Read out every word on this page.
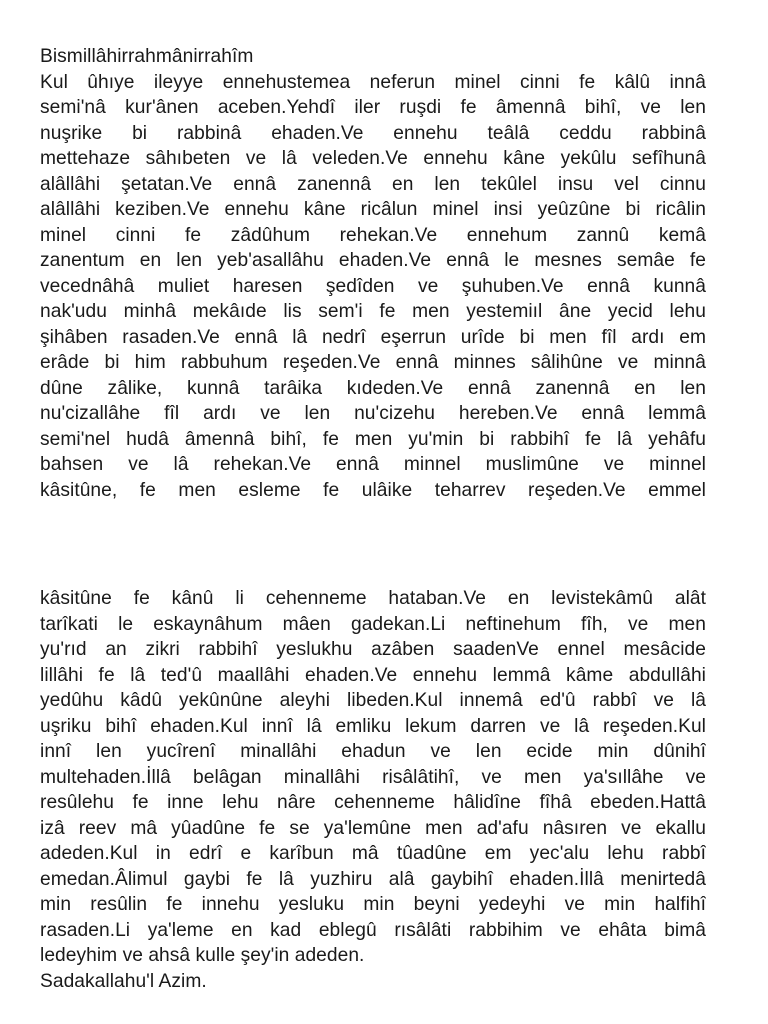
Bismillâhirrahmânirrahîm
Kul ûhıye ileyye ennehustemea neferun minel cinni fe kâlû innâ
semi'nâ kur'ânen aceben.Yehdî iler ruşdi fe âmennâ bihî, ve len
nuşrike bi rabbinâ ehaden.Ve ennehu teâlâ ceddu rabbinâ
mettehaze sâhıbeten ve lâ veleden.Ve ennehu kâne yekûlu sefîhunâ
alâllâhi şetatan.Ve ennâ zanennâ en len tekûlel insu vel cinnu
alâllâhi keziben.Ve ennehu kâne ricâlun minel insi yeûzûne bi ricâlin
minel cinni fe zâdûhum rehekan.Ve ennehum zannû kemâ
zanentum en len yeb'asallâhu ehaden.Ve ennâ le mesnes semâe fe
vecednâhâ muliet haresen şedîden ve şuhuben.Ve ennâ kunnâ
nak'udu minhâ mekâıde lis sem'i fe men yestemiıl âne yecid lehu
şihâben rasaden.Ve ennâ lâ nedrî eşerrun urîde bi men fîl ardı em
erâde bi him rabbuhum reşeden.Ve ennâ minnes sâlihûne ve minnâ
dûne zâlike, kunnâ tarâika kıdeden.Ve ennâ zanennâ en len
nu'cizallâhe fîl ardı ve len nu'cizehu hereben.Ve ennâ lemmâ
semi'nel hudâ âmennâ bihî, fe men yu'min bi rabbihî fe lâ yehâfu
bahsen ve lâ rehekan.Ve ennâ minnel muslimûne ve minnel
kâsitûne, fe men esleme fe ulâike teharrev reşeden.Ve emmel
kâsitûne fe kânû li cehenneme hataban.Ve en levistekâmû alât
tarîkati le eskaynâhum mâen gadekan.Li neftinehum fîh, ve men
yu'rıd an zikri rabbihî yeslukhu azâben saadenVe ennel mesâcide
lillâhi fe lâ ted'û maallâhi ehaden.Ve ennehu lemmâ kâme abdullâhi
yedûhu kâdû yekûnûne aleyhi libeden.Kul innemâ ed'û rabbî ve lâ
uşriku bihî ehaden.Kul innî lâ emliku lekum darren ve lâ reşeden.Kul
innî len yucîrenî minallâhi ehadun ve len ecide min dûnihî
multehaden.İllâ belâgan minallâhi risâlâtihî, ve men ya'sıllâhe ve
resûlehu fe inne lehu nâre cehenneme hâlidîne fîhâ ebeden.Hattâ
izâ reev mâ yûadûne fe se ya'lemûne men ad'afu nâsıren ve ekallu
adeden.Kul in edrî e karîbun mâ tûadûne em yec'alu lehu rabbî
emedan.Âlimul gaybi fe lâ yuzhiru alâ gaybihî ehaden.İllâ menirtedâ
min resûlin fe innehu yesluku min beyni yedeyhi ve min halfihî
rasaden.Li ya'leme en kad eblegû rısâlâti rabbihim ve ehâta bimâ
ledeyhim ve ahsâ kulle şey'in adeden.
Sadakallahu'l Azim.
